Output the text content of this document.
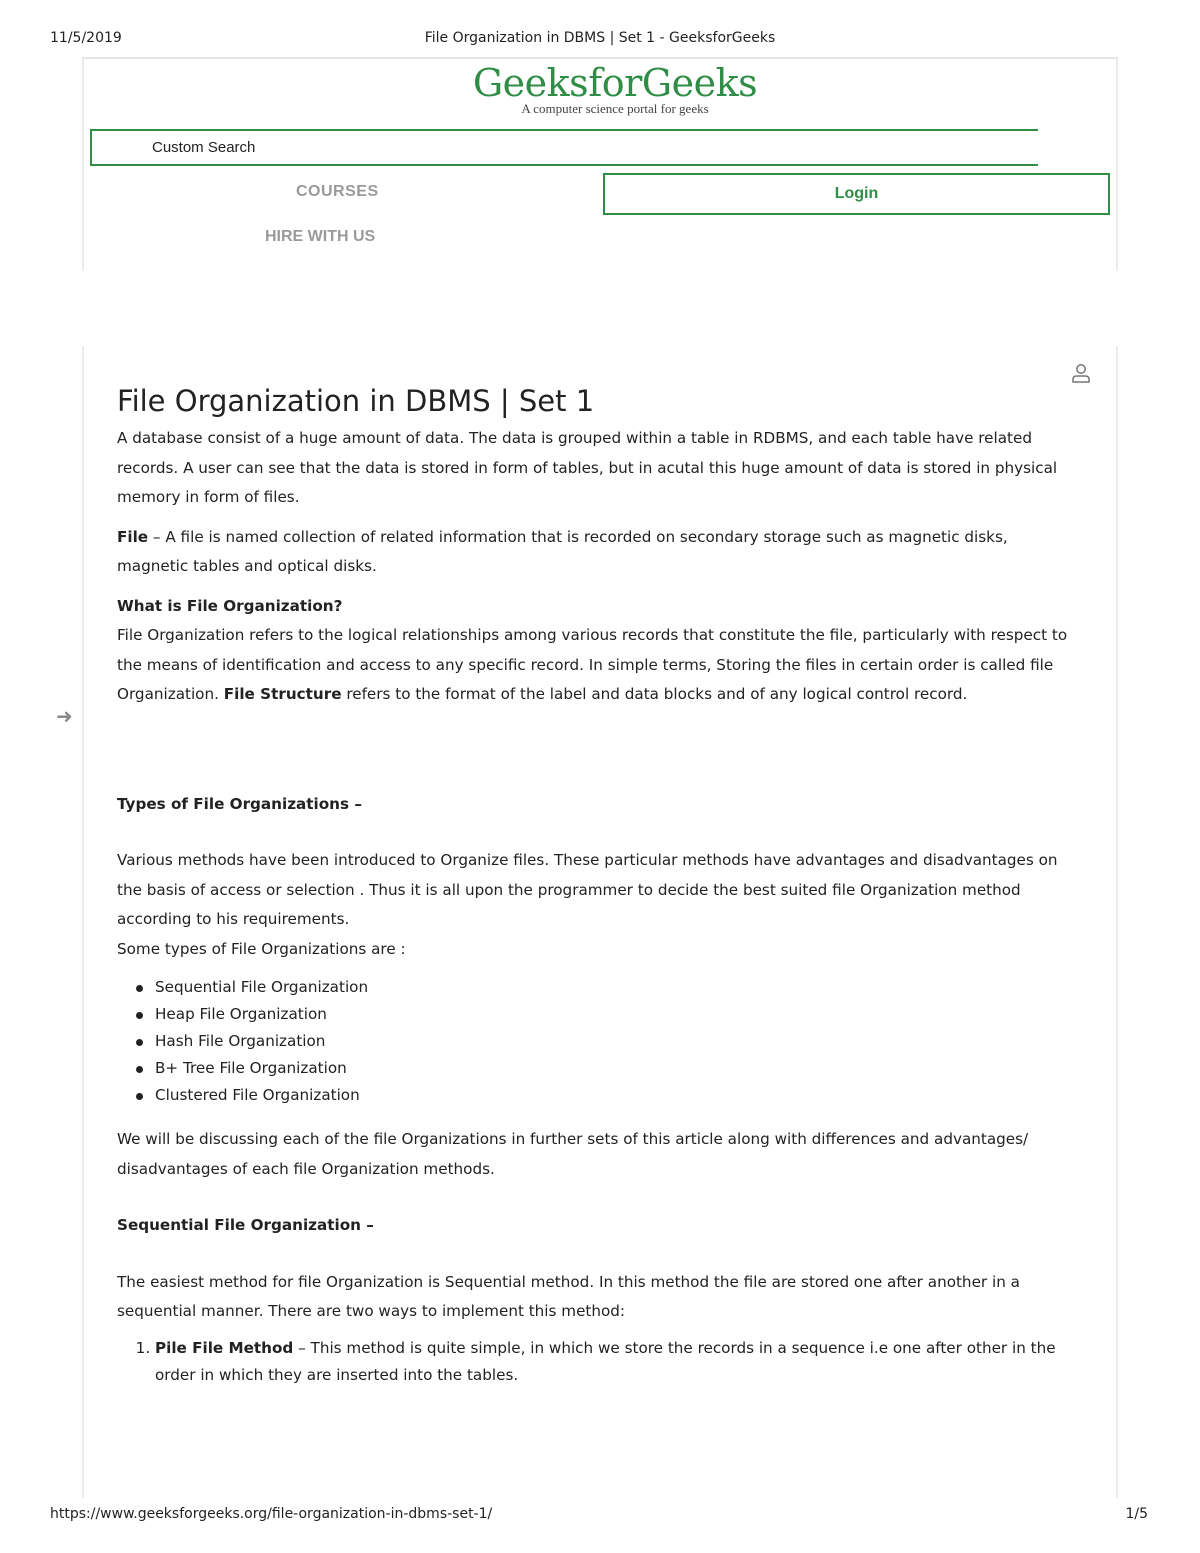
11/5/2019	File Organization in DBMS | Set 1 - GeeksforGeeks
GeeksforGeeks
A computer science portal for geeks
Custom Search
COURSES
HIRE WITH US
Login
➜
File Organization in DBMS | Set 1

A database consist of a huge amount of data. The data is grouped within a table in RDBMS, and each table have related records. A user can see that the data is stored in form of tables, but in acutal this huge amount of data is stored in physical memory in form of files.

File – A file is named collection of related information that is recorded on secondary storage such as magnetic disks, magnetic tables and optical disks.

What is File Organization?

File Organization refers to the logical relationships among various records that constitute the file, particularly with respect to the means of identification and access to any specific record. In simple terms, Storing the files in certain order is called file Organization. File Structure refers to the format of the label and data blocks and of any logical control record.

Types of File Organizations –

Various methods have been introduced to Organize files. These particular methods have advantages and disadvantages on the basis of access or selection . Thus it is all upon the programmer to decide the best suited file Organization method according to his requirements.

Some types of File Organizations are :

Sequential File Organization
Heap File Organization
Hash File Organization
B+ Tree File Organization
Clustered File Organization

We will be discussing each of the file Organizations in further sets of this article along with differences and advantages/ disadvantages of each file Organization methods.

Sequential File Organization –

The easiest method for file Organization is Sequential method. In this method the file are stored one after another in a sequential manner. There are two ways to implement this method:

1. Pile File Method – This method is quite simple, in which we store the records in a sequence i.e one after other in the order in which they are inserted into the tables.
https://www.geeksforgeeks.org/file-organization-in-dbms-set-1/	1/5
